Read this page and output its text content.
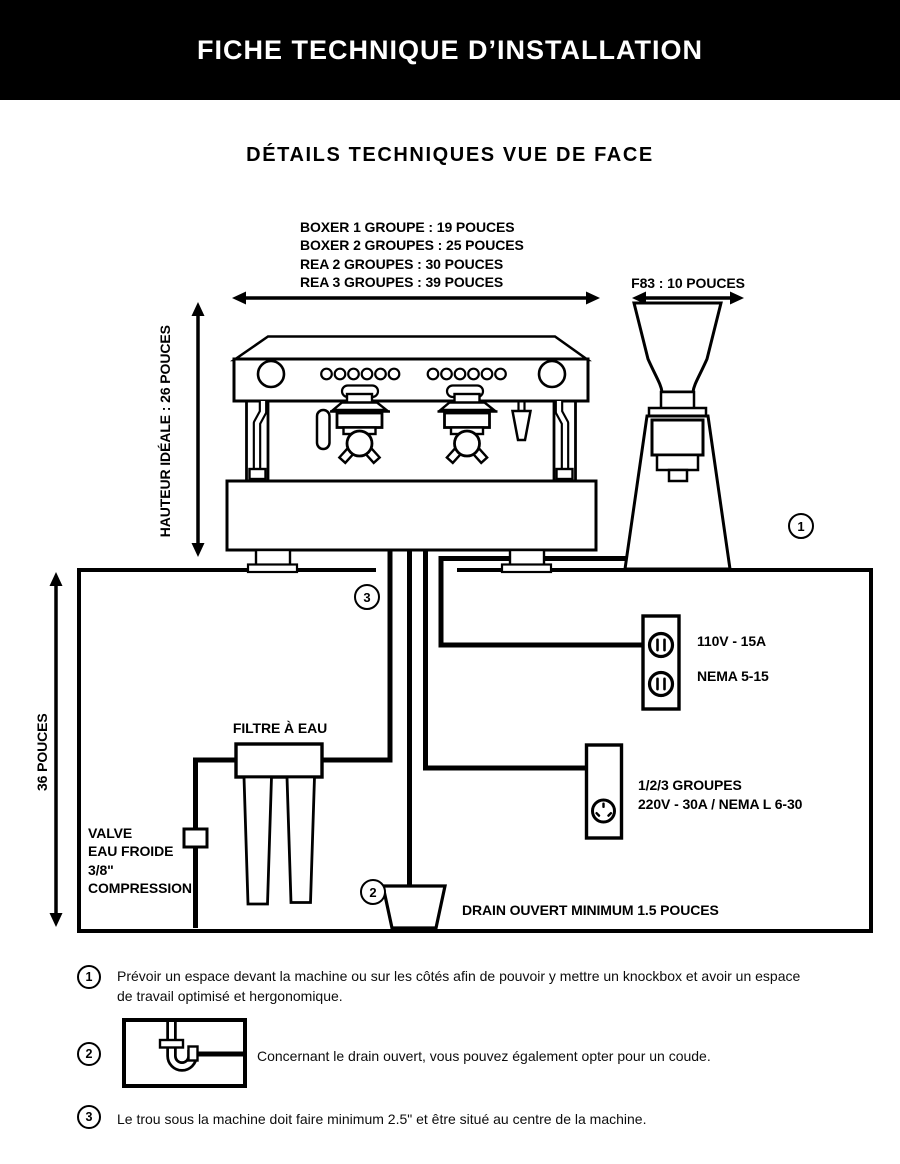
FICHE TECHNIQUE D’INSTALLATION
DÉTAILS TECHNIQUES VUE DE FACE
BOXER 1 GROUPE : 19 POUCES
BOXER 2 GROUPES : 25 POUCES
REA 2 GROUPES : 30 POUCES
REA 3 GROUPES : 39 POUCES	F83 : 10 POUCES
HAUTEUR IDÉALE : 26 POUCES
36 POUCES	FILTRE À EAU
VALVE
EAU FROIDE
3/8"
COMPRESSION
DRAIN OUVERT MINIMUM 1.5 POUCES
110V - 15A
NEMA 5-15
1/2/3 GROUPES
220V - 30A / NEMA L 6-30
1
2
3
1	Prévoir un espace devant la machine ou sur les côtés afin de pouvoir y mettre un knockbox et avoir un espace
de travail optimisé et hergonomique.
2	Concernant le drain ouvert, vous pouvez également opter pour un coude.
3	Le trou sous la machine doit faire minimum 2.5" et être situé au centre de la machine.
